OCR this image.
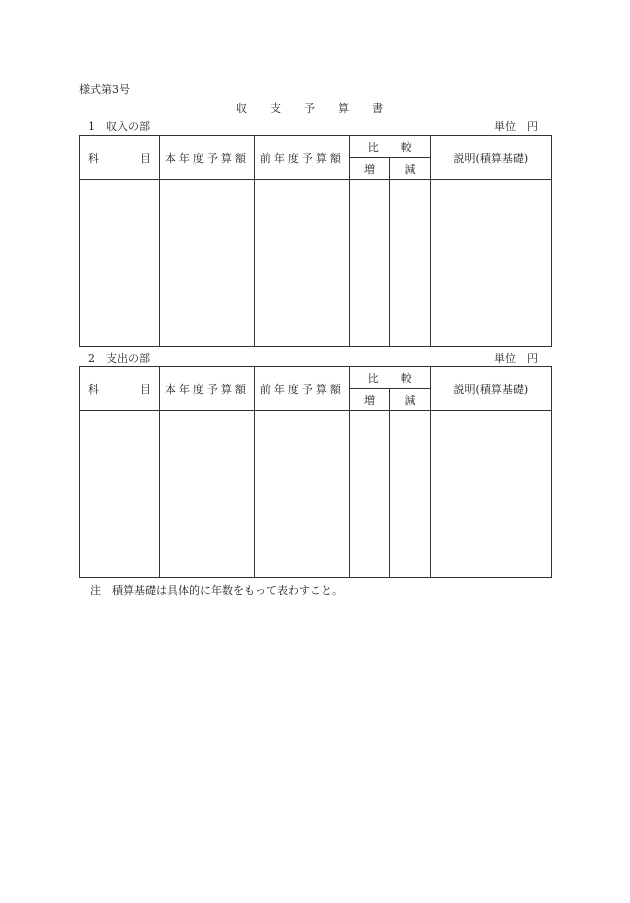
様式第3号
収　支　予　算　書
1　収入の部	単位　円
科 目	本年度予算額	前年度予算額	比　　較		説明(積算基礎)
			増	減	

2　支出の部	単位　円
科 目	本年度予算額	前年度予算額	比　　較		説明(積算基礎)
			増	減	

注　積算基礎は具体的に年数をもって表わすこと。
